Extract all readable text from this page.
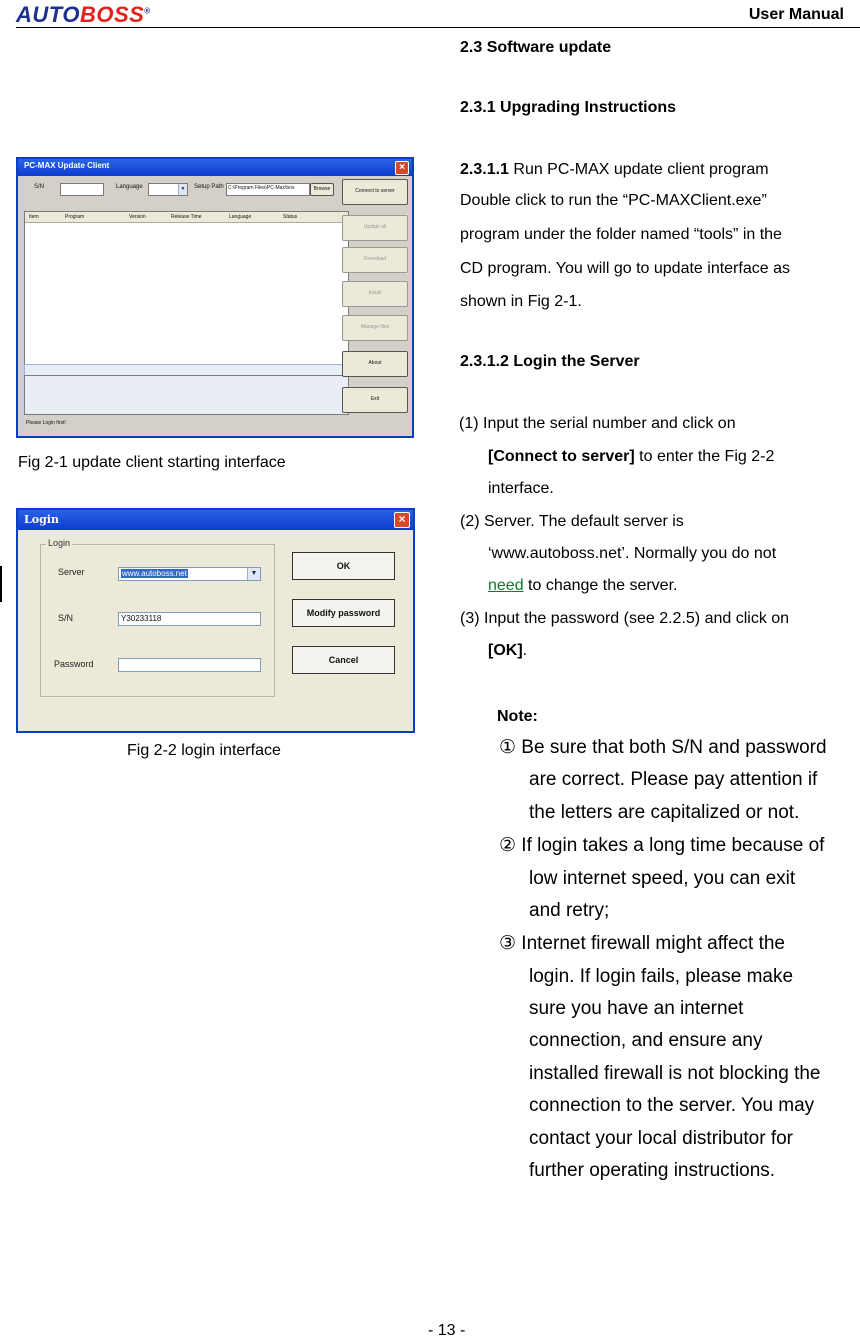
AUTOBOSS®	User Manual
PC-MAX Update Client	×
S/N	Language	▼ Setup Path C:\Program Files\PC-Max\bos	Browse
Item	Program	Version	Release Time	Language	Status
Please Login first!
Connect to server
Update all
Download
Install
Manage files
About
Exit
Fig 2-1 update client starting interface
Login	×
Login
Server	www.autoboss.net	▼
S/N	Y30233118
Password
OK
Modify password
Cancel
Fig 2-2 login interface
2.3 Software update
2.3.1 Upgrading Instructions
2.3.1.1 Run PC-MAX update client program
Double click to run the “PC-MAXClient.exe”
program under the folder named “tools” in the
CD program. You will go to update interface as
shown in Fig 2-1.
2.3.1.2 Login the Server
(1) Input the serial number and click on
[Connect to server] to enter the Fig 2-2
interface.
(2) Server. The default server is
‘www.autoboss.net’. Normally you do not
need to change the server.
(3) Input the password (see 2.2.5) and click on
[OK].
Note:
① Be sure that both S/N and password
are correct. Please pay attention if
the letters are capitalized or not.
② If login takes a long time because of
low internet speed, you can exit
and retry;
③ Internet firewall might affect the
login. If login fails, please make
sure you have an internet
connection, and ensure any
installed firewall is not blocking the
connection to the server. You may
contact your local distributor for
further operating instructions.
- 13 -
